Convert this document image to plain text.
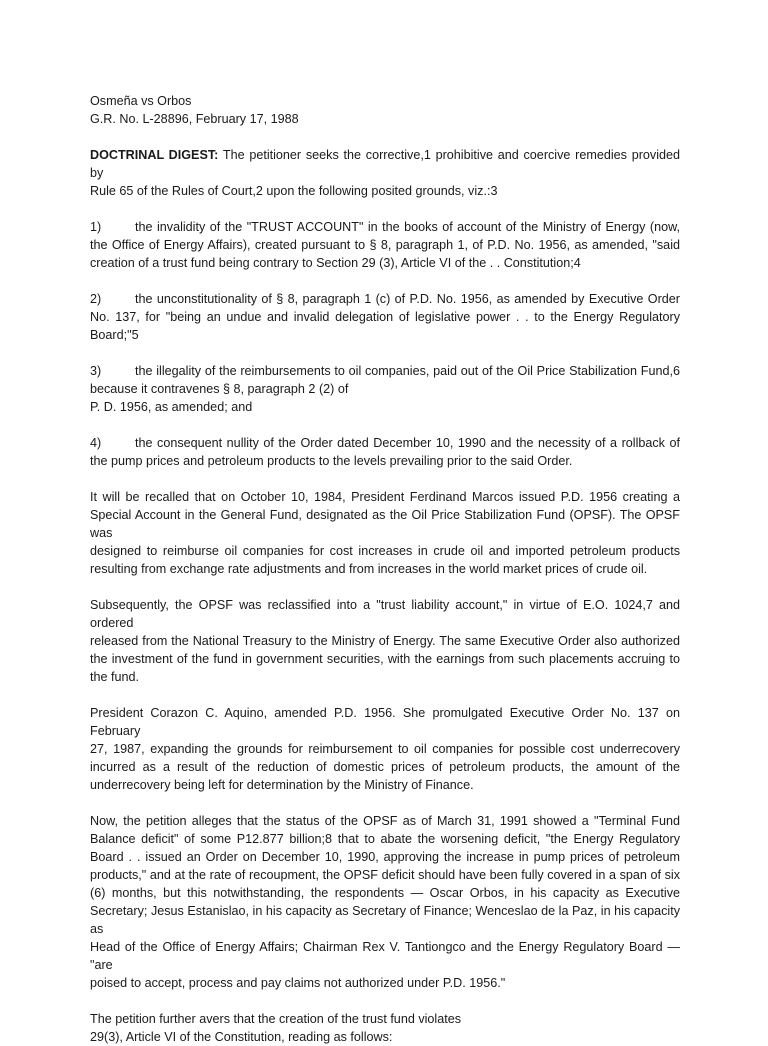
Osmeña vs Orbos
G.R. No. L-28896, February 17, 1988
DOCTRINAL DIGEST: The petitioner seeks the corrective,1 prohibitive and coercive remedies provided by
Rule 65 of the Rules of Court,2 upon the following posited grounds, viz.:3
1)	the invalidity of the "TRUST ACCOUNT" in the books of account of the Ministry of Energy (now,
the Office of Energy Affairs), created pursuant to § 8, paragraph 1, of P.D. No. 1956, as amended, "said
creation of a trust fund being contrary to Section 29 (3), Article VI of the . . Constitution;4
2)	the unconstitutionality of § 8, paragraph 1 (c) of P.D. No. 1956, as amended by Executive Order
No. 137, for "being an undue and invalid delegation of legislative power . . to the Energy Regulatory
Board;"5
3)	the illegality of the reimbursements to oil companies, paid out of the Oil Price Stabilization Fund,6
because it contravenes § 8, paragraph 2 (2) of
P. D. 1956, as amended; and
4)	the consequent nullity of the Order dated December 10, 1990 and the necessity of a rollback of
the pump prices and petroleum products to the levels prevailing prior to the said Order.
It will be recalled that on October 10, 1984, President Ferdinand Marcos issued P.D. 1956 creating a
Special Account in the General Fund, designated as the Oil Price Stabilization Fund (OPSF). The OPSF was
designed to reimburse oil companies for cost increases in crude oil and imported petroleum products
resulting from exchange rate adjustments and from increases in the world market prices of crude oil.
Subsequently, the OPSF was reclassified into a "trust liability account," in virtue of E.O. 1024,7 and ordered
released from the National Treasury to the Ministry of Energy. The same Executive Order also authorized
the investment of the fund in government securities, with the earnings from such placements accruing to
the fund.
President Corazon C. Aquino, amended P.D. 1956. She promulgated Executive Order No. 137 on February
27, 1987, expanding the grounds for reimbursement to oil companies for possible cost underrecovery
incurred as a result of the reduction of domestic prices of petroleum products, the amount of the
underrecovery being left for determination by the Ministry of Finance.
Now, the petition alleges that the status of the OPSF as of March 31, 1991 showed a "Terminal Fund
Balance deficit" of some P12.877 billion;8 that to abate the worsening deficit, "the Energy Regulatory
Board . . issued an Order on December 10, 1990, approving the increase in pump prices of petroleum
products," and at the rate of recoupment, the OPSF deficit should have been fully covered in a span of six
(6) months, but this notwithstanding, the respondents — Oscar Orbos, in his capacity as Executive
Secretary; Jesus Estanislao, in his capacity as Secretary of Finance; Wenceslao de la Paz, in his capacity as
Head of the Office of Energy Affairs; Chairman Rex V. Tantiongco and the Energy Regulatory Board — "are
poised to accept, process and pay claims not authorized under P.D. 1956."
The petition further avers that the creation of the trust fund violates
29(3), Article VI of the Constitution, reading as follows:
